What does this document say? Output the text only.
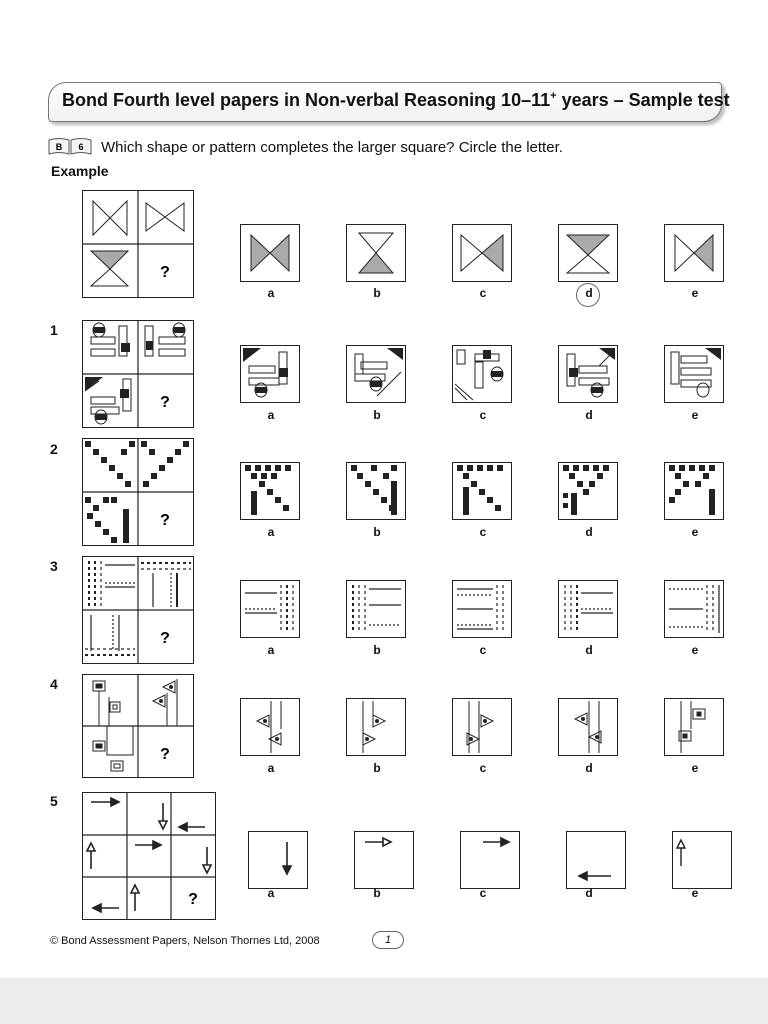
Bond Fourth level papers in Non-verbal Reasoning 10–11+ years – Sample test
B 6 Which shape or pattern completes the larger square? Circle the letter.
Example
1
2
3
4
5
?
a	b	c	d	e
?
a	b	c	d	e
?
a	b	c	d	e
?
a	b	c	d	e
?
a	b	c	d	e
?	a	b	c	d	e
© Bond Assessment Papers, Nelson Thornes Ltd, 2008	1
